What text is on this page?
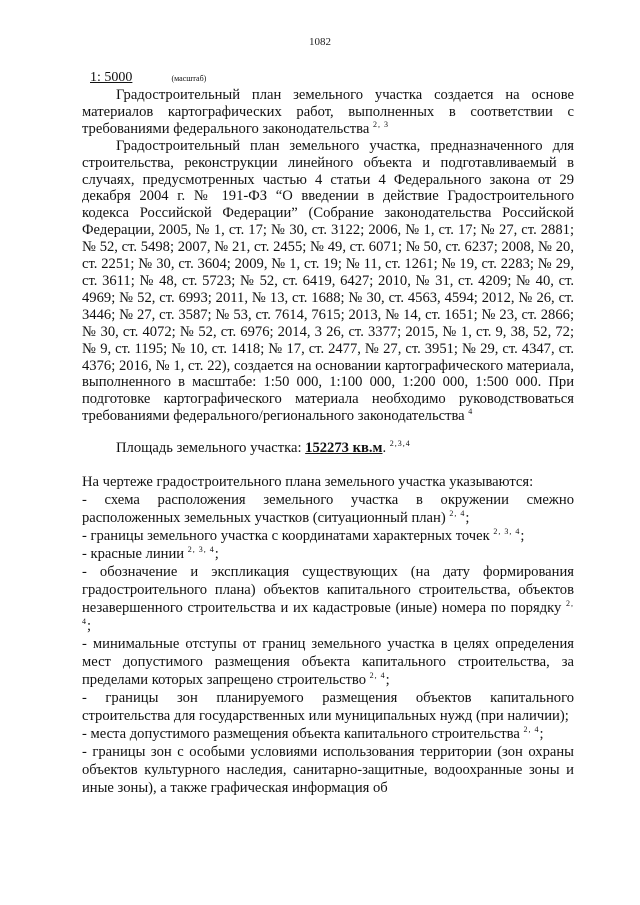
1082
1: 5000	(масштаб)

Градостроительный план земельного участка создается на основе материалов картографических работ, выполненных в соответствии с требованиями федерального законодательства $^{2, 3}$

Градостроительный план земельного участка, предназначенного для строительства, реконструкции линейного объекта и подготавливаемый в случаях, предусмотренных частью 4 статьи 4 Федерального закона от 29 декабря 2004 г. № 191-ФЗ “О введении в действие Градостроительного кодекса Российской Федерации” (Собрание законодательства Российской Федерации, 2005, № 1, ст. 17; № 30, ст. 3122; 2006, № 1, ст. 17; № 27, ст. 2881; № 52, ст. 5498; 2007, № 21, ст. 2455; № 49, ст. 6071; № 50, ст. 6237; 2008, № 20, ст. 2251; № 30, ст. 3604; 2009, № 1, ст. 19; № 11, ст. 1261; № 19, ст. 2283; № 29, ст. 3611; № 48, ст. 5723; № 52, ст. 6419, 6427; 2010, № 31, ст. 4209; № 40, ст. 4969; № 52, ст. 6993; 2011, № 13, ст. 1688; № 30, ст. 4563, 4594; 2012, № 26, ст. 3446; № 27, ст. 3587; № 53, ст. 7614, 7615; 2013, № 14, ст. 1651; № 23, ст. 2866; № 30, ст. 4072; № 52, ст. 6976; 2014, 3 26, ст. 3377; 2015, № 1, ст. 9, 38, 52, 72; № 9, ст. 1195; № 10, ст. 1418; № 17, ст. 2477, № 27, ст. 3951; № 29, ст. 4347, ст. 4376; 2016, № 1, ст. 22), создается на основании картографического материала, выполненного в масштабе: 1:50 000, 1:100 000, 1:200 000, 1:500 000. При подготовке картографического материала необходимо руководствоваться требованиями федерального/регионального законодательства $^4$

Площадь земельного участка: 152273 кв.м. $^{2,3,4}$

На чертеже градостроительного плана земельного участка указываются:

- схема расположения земельного участка в окружении смежно расположенных земельных участков (ситуационный план) $^{2, 4}$;

- границы земельного участка с координатами характерных точек $^{2, 3, 4}$;

- красные линии $^{2, 3, 4}$;

- обозначение и экспликация существующих (на дату формирования градостроительного плана) объектов капитального строительства, объектов незавершенного строительства и их кадастровые (иные) номера по порядку $^{2, 4}$;

- минимальные отступы от границ земельного участка в целях определения мест допустимого размещения объекта капитального строительства, за пределами которых запрещено строительство $^{2, 4}$;

- границы зон планируемого размещения объектов капитального строительства для государственных или муниципальных нужд (при наличии);

- места допустимого размещения объекта капитального строительства $^{2, 4}$;

- границы зон с особыми условиями использования территории (зон охраны объектов культурного наследия, санитарно-защитные, водоохранные зоны и иные зоны), а также графическая информация об
